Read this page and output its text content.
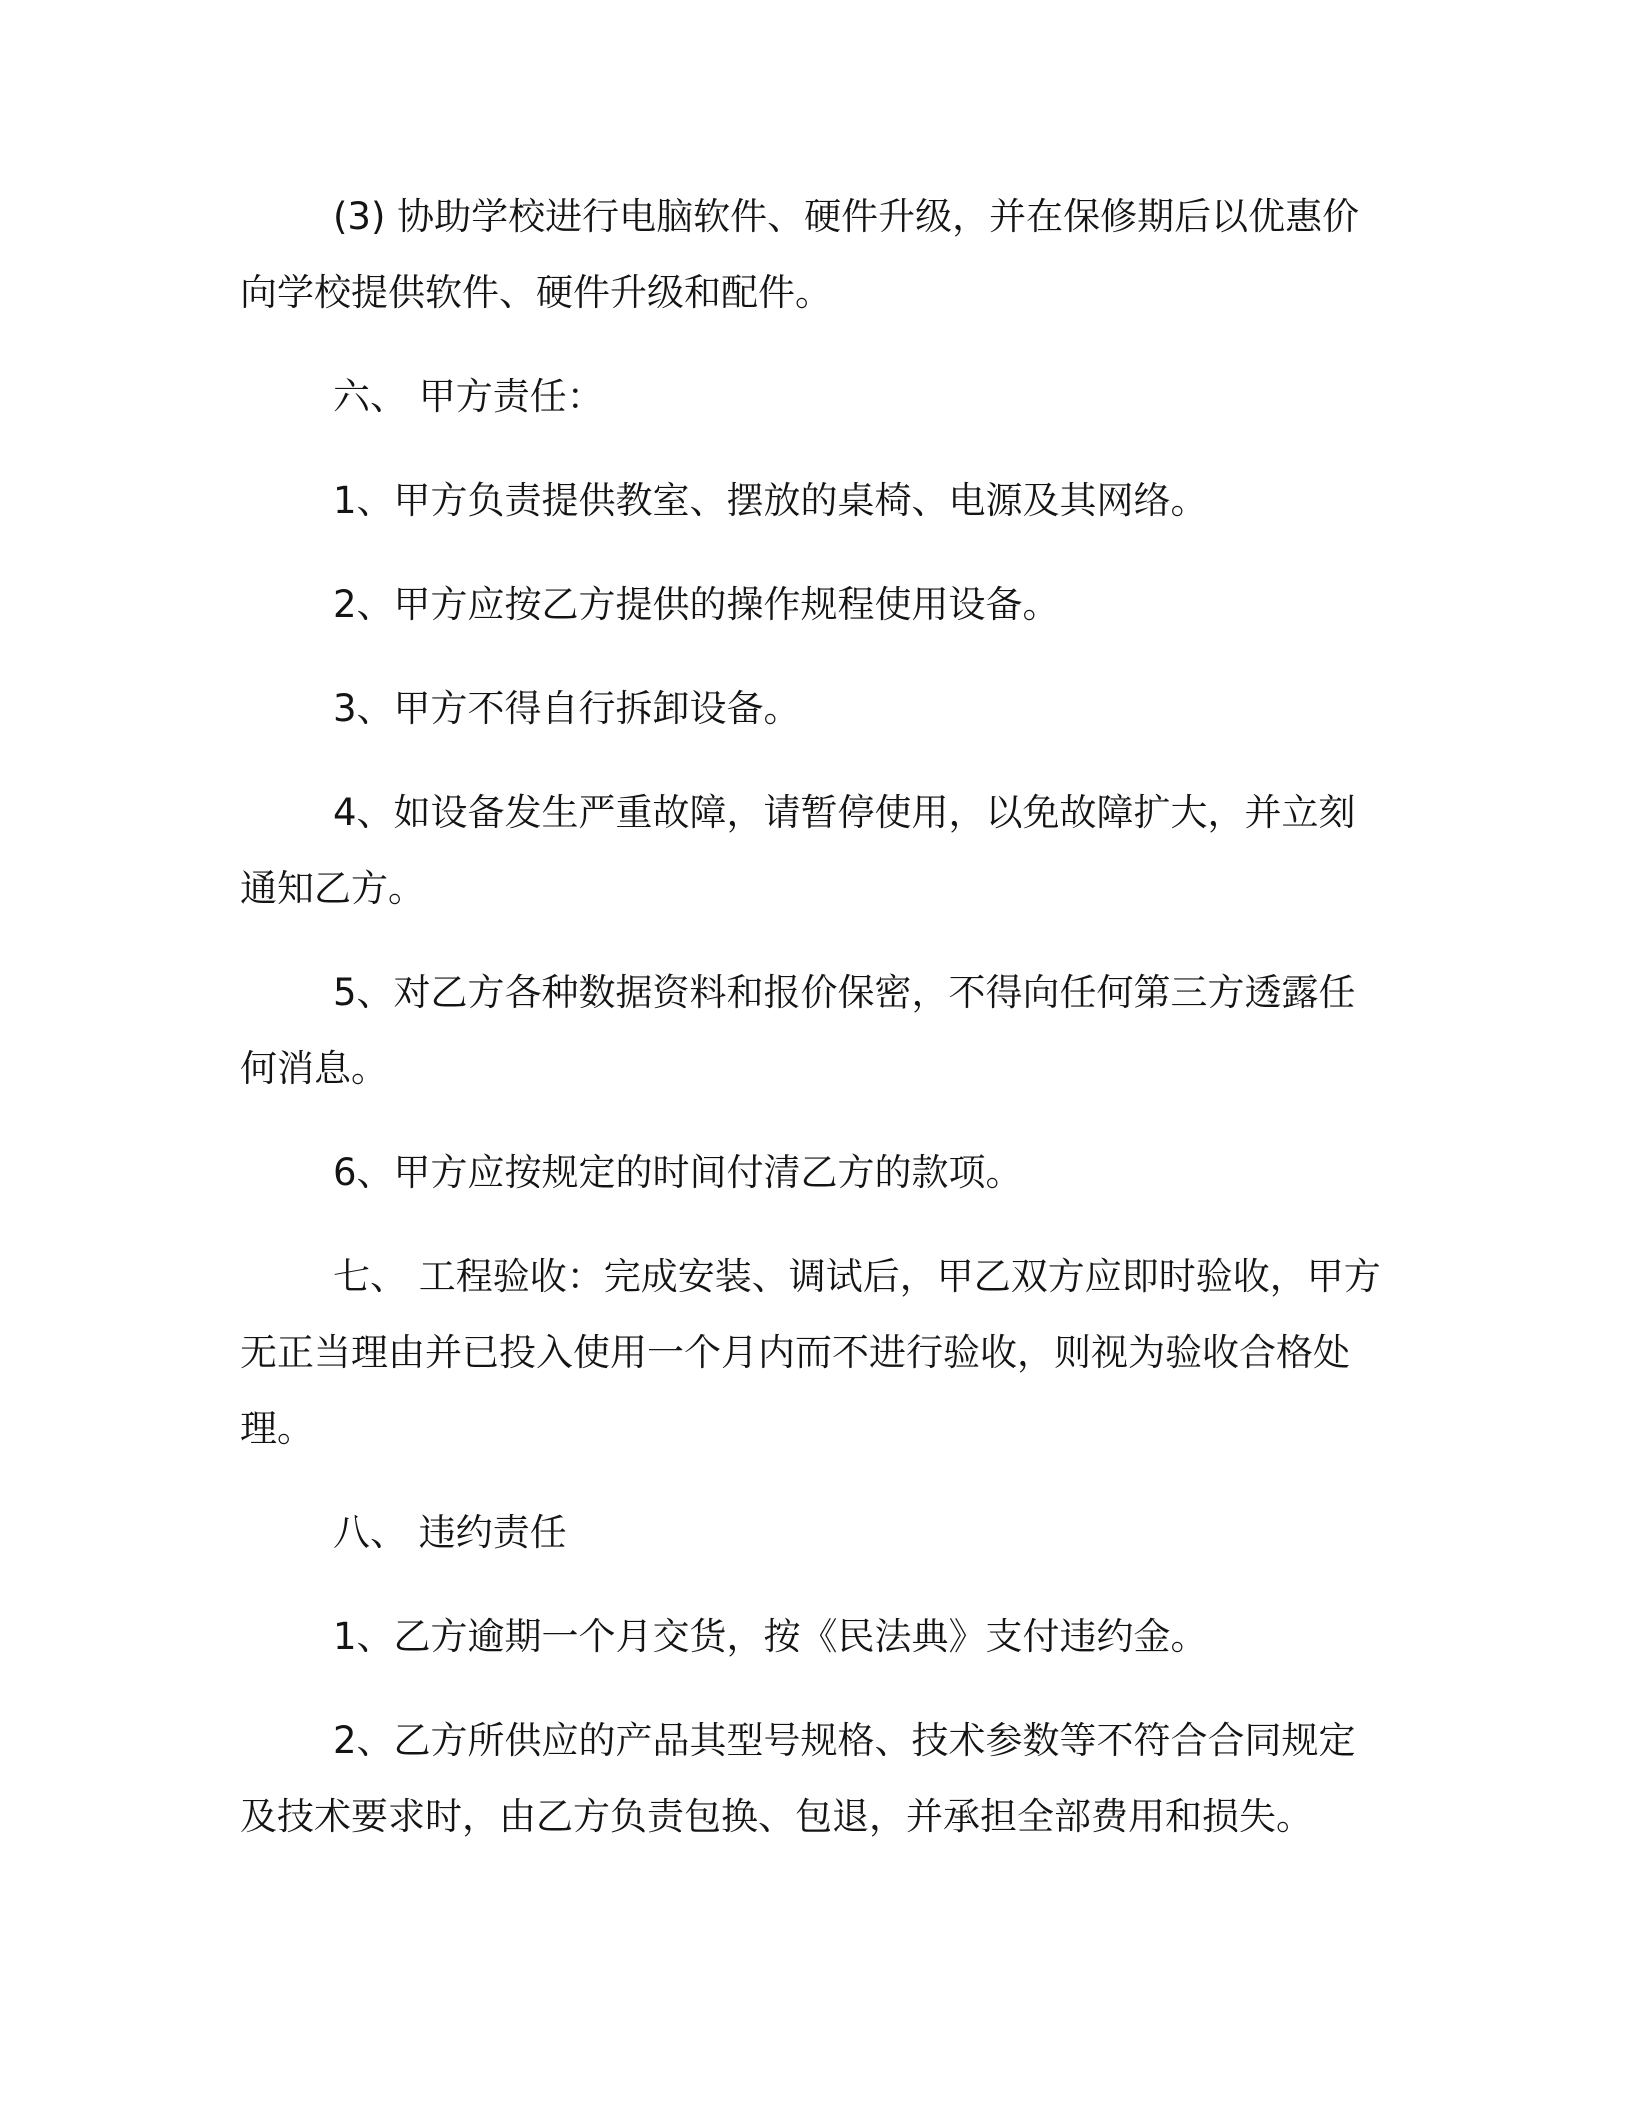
(3) 协助学校进行电脑软件、硬件升级，并在保修期后以优惠价
向学校提供软件、硬件升级和配件。
六、 甲方责任：
1、甲方负责提供教室、摆放的桌椅、电源及其网络。
2、甲方应按乙方提供的操作规程使用设备。
3、甲方不得自行拆卸设备。
4、如设备发生严重故障，请暂停使用，以免故障扩大，并立刻
通知乙方。
5、对乙方各种数据资料和报价保密，不得向任何第三方透露任
何消息。
6、甲方应按规定的时间付清乙方的款项。
七、 工程验收：完成安装、调试后，甲乙双方应即时验收，甲方
无正当理由并已投入使用一个月内而不进行验收，则视为验收合格处
理。
八、 违约责任
1、乙方逾期一个月交货，按《民法典》支付违约金。
2、乙方所供应的产品其型号规格、技术参数等不符合合同规定
及技术要求时，由乙方负责包换、包退，并承担全部费用和损失。
